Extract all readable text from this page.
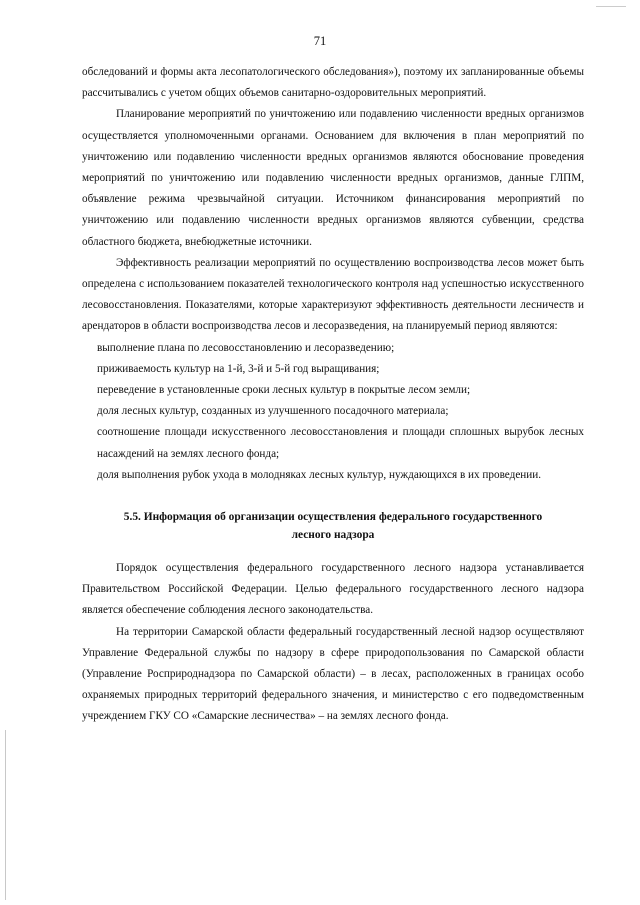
71

обследований и формы акта лесопатологического обследования»), поэтому их запланированные объемы рассчитывались с учетом общих объемов санитарно-оздоровительных мероприятий.

Планирование мероприятий по уничтожению или подавлению численности вредных организмов осуществляется уполномоченными органами. Основанием для включения в план мероприятий по уничтожению или подавлению численности вредных организмов являются обоснование проведения мероприятий по уничтожению или подавлению численности вредных организмов, данные ГЛПМ, объявление режима чрезвычайной ситуации. Источником финансирования мероприятий по уничтожению или подавлению численности вредных организмов являются субвенции, средства областного бюджета, внебюджетные источники.

Эффективность реализации мероприятий по осуществлению воспроизводства лесов может быть определена с использованием показателей технологического контроля над успешностью искусственного лесовосстановления. Показателями, которые характеризуют эффективность деятельности лесничеств и арендаторов в области воспроизводства лесов и лесоразведения, на планируемый период являются:

выполнение плана по лесовосстановлению и лесоразведению;
приживаемость культур на 1-й, 3-й и 5-й год выращивания;
переведение в установленные сроки лесных культур в покрытые лесом земли;
доля лесных культур, созданных из улучшенного посадочного материала;
соотношение площади искусственного лесовосстановления и площади сплошных вырубок лесных насаждений на землях лесного фонда;
доля выполнения рубок ухода в молодняках лесных культур, нуждающихся в их проведении.
5.5. Информация об организации осуществления федерального государственного
лесного надзора

Порядок осуществления федерального государственного лесного надзора устанавливается Правительством Российской Федерации. Целью федерального государственного лесного надзора является обеспечение соблюдения лесного законодательства.

На территории Самарской области федеральный государственный лесной надзор осуществляют Управление Федеральной службы по надзору в сфере природопользования по Самарской области (Управление Росприроднадзора по Самарской области) – в лесах, расположенных в границах особо охраняемых природных территорий федерального значения, и министерство с его подведомственным учреждением ГКУ СО «Самарские лесничества» – на землях лесного фонда.
